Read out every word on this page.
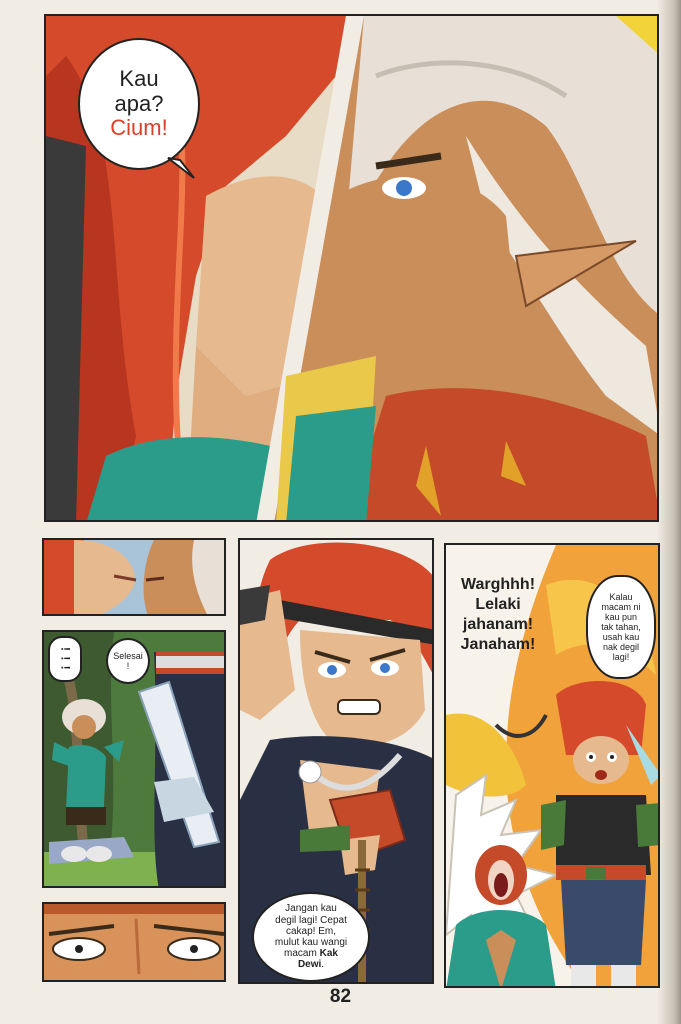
Kau
apa?
Cium!
! ! !	Selesai
!
Jangan kau
degil lagi! Cepat
cakap! Em,
mulut kau wangi
macam Kak
Dewi.
Warghhh!
Lelaki
jahanam!
Janaham!
Kalau
macam ni
kau pun
tak tahan,
usah kau
nak degil
lagi!
82
